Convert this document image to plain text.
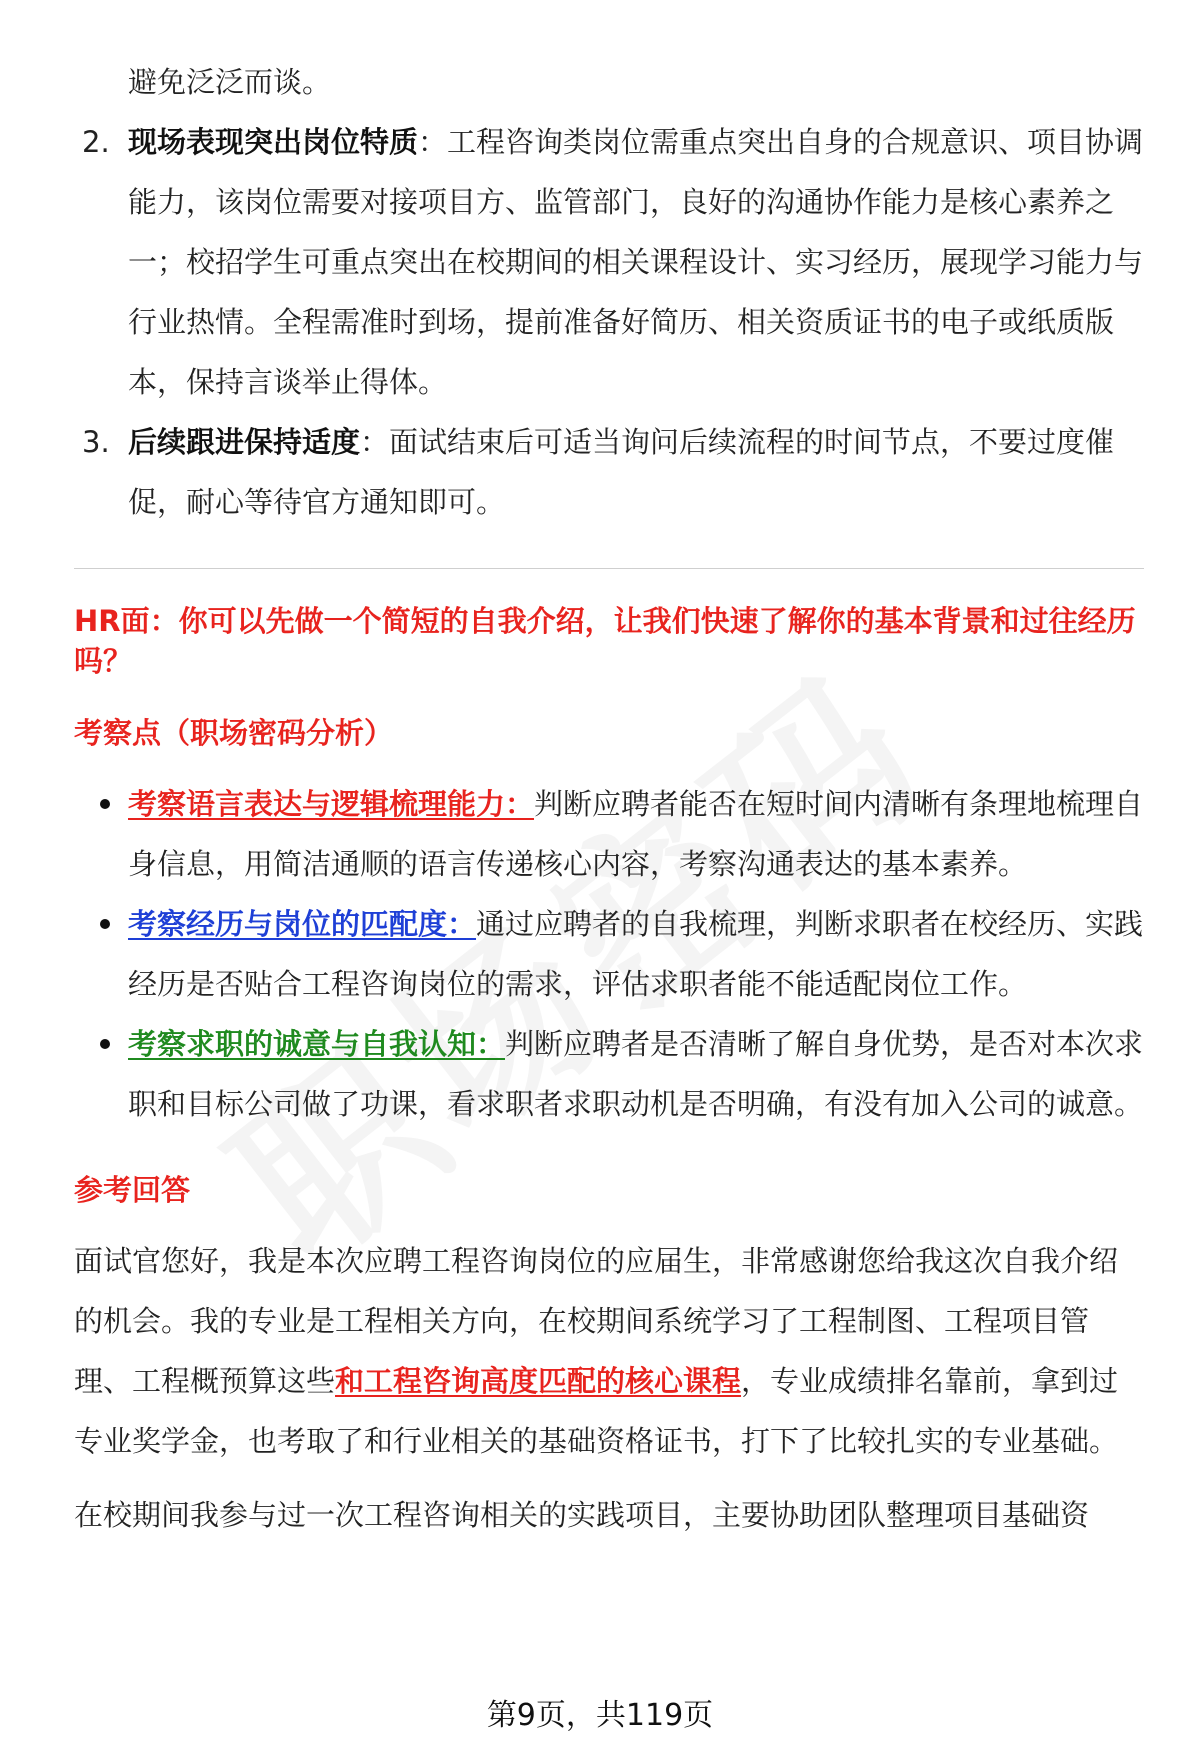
避免泛泛而谈。

2. 现场表现突出岗位特质：工程咨询类岗位需重点突出自身的合规意识、项目协调能力，该岗位需要对接项目方、监管部门，良好的沟通协作能力是核心素养之一；校招学生可重点突出在校期间的相关课程设计、实习经历，展现学习能力与行业热情。全程需准时到场，提前准备好简历、相关资质证书的电子或纸质版本，保持言谈举止得体。
3. 后续跟进保持适度：面试结束后可适当询问后续流程的时间节点，不要过度催促，耐心等待官方通知即可。

HR面：你可以先做一个简短的自我介绍，让我们快速了解你的基本背景和过往经历吗？

考察点（职场密码分析）
考察语言表达与逻辑梳理能力：判断应聘者能否在短时间内清晰有条理地梳理自身信息，用简洁通顺的语言传递核心内容，考察沟通表达的基本素养。
考察经历与岗位的匹配度：通过应聘者的自我梳理，判断求职者在校经历、实践经历是否贴合工程咨询岗位的需求，评估求职者能不能适配岗位工作。
考察求职的诚意与自我认知：判断应聘者是否清晰了解自身优势，是否对本次求职和目标公司做了功课，看求职者求职动机是否明确，有没有加入公司的诚意。
参考回答

面试官您好，我是本次应聘工程咨询岗位的应届生，非常感谢您给我这次自我介绍的机会。我的专业是工程相关方向，在校期间系统学习了工程制图、工程项目管理、工程概预算这些和工程咨询高度匹配的核心课程，专业成绩排名靠前，拿到过专业奖学金，也考取了和行业相关的基础资格证书，打下了比较扎实的专业基础。

在校期间我参与过一次工程咨询相关的实践项目，主要协助团队整理项目基础资

第9页，共119页
